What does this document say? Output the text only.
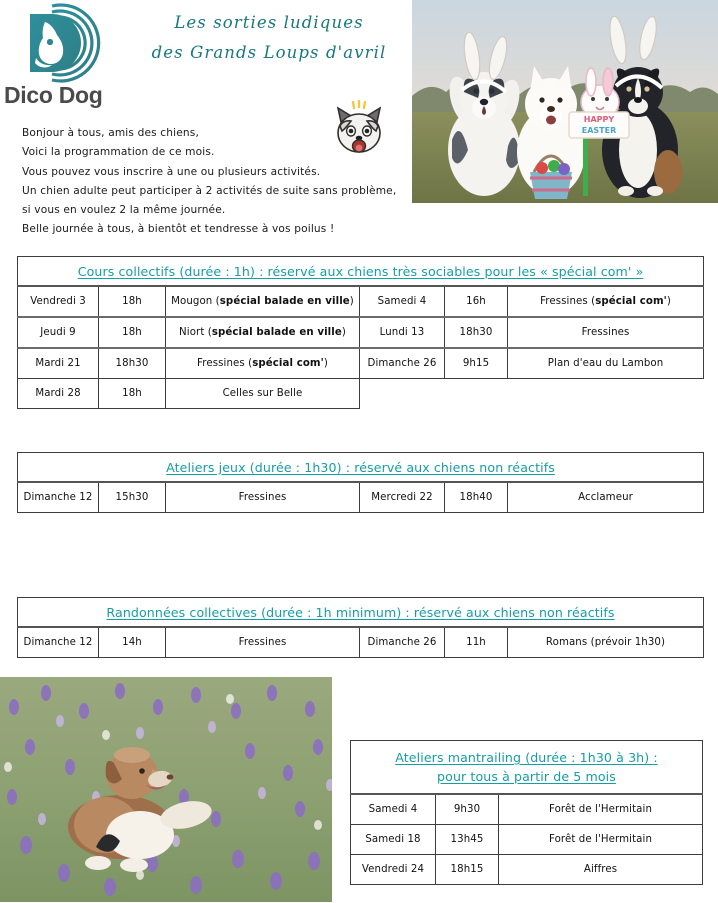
Dico Dog
Les sorties ludiques
des Grands Loups d'avril
HAPPY
EASTER
Bonjour à tous, amis des chiens,
Voici la programmation de ce mois.
Vous pouvez vous inscrire à une ou plusieurs activités.
Un chien adulte peut participer à 2 activités de suite sans problème,
si vous en voulez 2 la même journée.
Belle journée à tous, à bientôt et tendresse à vos poilus !
Cours collectifs (durée : 1h) : réservé aux chiens très sociables pour les « spécial com' »					
Vendredi 3	18h	Mougon (spécial balade en ville)	Samedi 4	16h	Fressines (spécial com')
Jeudi 9	18h	Niort (spécial balade en ville)	Lundi 13	18h30	Fressines
Mardi 21	18h30	Fressines (spécial com')	Dimanche 26	9h15	Plan d'eau du Lambon
Mardi 28	18h	Celles sur Belle			
Ateliers jeux (durée : 1h30) : réservé aux chiens non réactifs
Dimanche 12	15h30	Fressines	Mercredi 22	18h40	Acclameur
Randonnées collectives (durée : 1h minimum) : réservé aux chiens non réactifs
Dimanche 12	14h	Fressines	Dimanche 26	11h	Romans (prévoir 1h30)
Ateliers mantrailing (durée : 1h30 à 3h) :
pour tous à partir de 5 mois		

Samedi 4	9h30	Forêt de l'Hermitain
Samedi 18	13h45	Forêt de l'Hermitain
Vendredi 24	18h15	Aiffres
